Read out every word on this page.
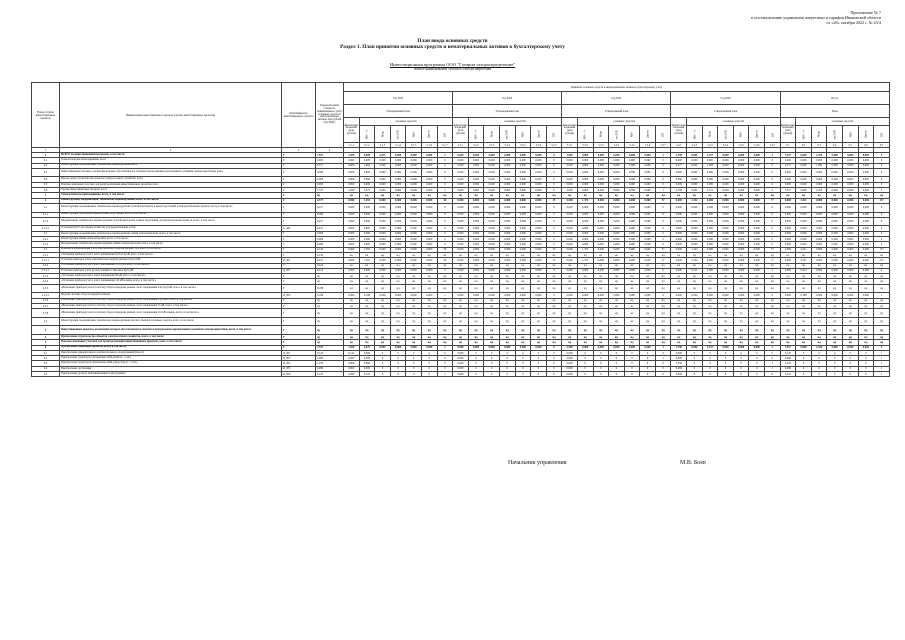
Приложение № 7
к постановлению управления энергетики и тарифов Ивановской области
от «28» октября 2022 г. № 43/4
План ввода основных средств
Раздел 1. План принятия основных средств и нематериальных активов к бухгалтерскому учету
Инвестиционная программа ООО "Газпром газораспределение"
полное наименование субъекта электроэнергетики
Номер группы инвестиционных проектов	Наименование инвестиционного проекта (группы инвестиционных проектов)	Идентификатор инвестиционного проекта	Первоначальная стоимость принимаемых к учету основных средств и нематериальных активов, млн рублей (без НДС)	Принятие основных средств и нематериальных активов к бухгалтерскому учету																																		
				Год 2023							Год 2024							Год 2025							Год 2026							Итого						
				Утвержденный план							Утвержденный план							Утвержденный план							Утвержденный план							План						
				финансовых вложений (млн рублей)	основные средства						финансовых вложений (млн рублей)	основные средства						финансовых вложений (млн рублей)	основные средства						финансовых вложений (млн рублей)	основные средства						финансовых вложений (млн рублей)	основные средства					
					МВ×А	Мвар	км ЛЭП	МВт	Другое	ШТ		МВ×А	Мвар	км ЛЭП	МВт	Другое	ШТ		МВ×А	Мвар	км ЛЭП	МВт	Другое	ШТ		МВ×А	Мвар	км ЛЭП	МВт	Другое	ШТ		МВ×А	Мвар	км ЛЭП	МВт	Другое	ШТ
				5.1.1	5.1.2	5.1.3	5.1.4	5.1.5	5.1.6	5.1.7	5.2.1	5.2.2	5.2.3	5.2.4	5.2.5	5.2.6	5.2.7	5.3.1	5.3.2	5.3.3	5.3.4	5.3.5	5.3.6	5.3.7	5.4.1	5.4.2	5.4.3	5.4.4	5.4.5	5.4.6	5.4.7	6.1	6.2	6.3	6.4	6.5	6.6	6.7
1	2	3	4																																			
0	ВСЕГО по инвестиционной программе, в том числе:	Г	7,557	1,859	0,000	2,475	0,000	0,000	0,000	2	0,000	0,000	0,000	0,000	0,000	0,000	0	2,900	0,000	0,000	0,000	0,000	0,000	1	2,798	0,000	2,157	0,000	0,000	0,000	2	7,557	0,000	2,476	0,000	0,000	0,000	5
0.1	Технологическое присоединение, всего	Г	0,000	0,000	0,000	0,000	0,000	0,000	0,000	0	0,000	0,000	0,000	0,000	0,000	0,000	0	0,000	0,000	0,000	0,000	0,000	0,000	0	0,000	0,000	0,000	0,000	0,000	0,000	0	0,000	0,000	0,000	0,000	0,000	0,000	0
0.2	Реконструкция, модернизация, техническое перевооружение всего	Г	0,577	0,000	1,084	0,000	0,000	0,000	0,000	0	0,000	0,000	0,000	0,000	0,000	0,000	0	0,000	0,000	0,000	0,000	0,000	0,000	0	0,577	0,000	1,084	0,000	0,000	0,000	0	0,577	0,000	1,084	0,000	0,000	0,000	0
0.3	Инвестиционные проекты, реализация которых обуславливается схемами и программами перспективного развития электроэнергетики, всего	Г	0,000	0,000	0,000	0,000	0,000	0,000	0,000	0	0,000	0,000	0,000	0,000	0,000	0,000	0	0,000	0,000	0,000	0,000	0,000	0,000	0	0,000	0,000	0,000	0,000	0,000	0,000	0	0,000	0,000	0,000	0,000	0,000	0,000	0
0.4	Прочее новое строительство объектов электросетевого хозяйства, всего	Г	0,000	0,000	0,000	0,000	0,000	0,000	0,000	0	0,000	0,000	0,000	0,000	0,000	0,000	0	0,000	0,000	0,000	0,000	0,000	0,000	0	0,000	0,000	0,000	0,000	0,000	0,000	0	0,000	0,000	0,000	0,000	0,000	0,000	0
0.5	Покупка земельных участков для целей реализации инвестиционных проектов, всего	Г	0,000	0,000	0,000	0,000	0,000	0,000	0,000	0	0,000	0,000	0,000	0,000	0,000	0,000	0	0,000	0,000	0,000	0,000	0,000	0,000	0	0,000	0,000	0,000	0,000	0,000	0,000	0	0,000	0,000	0,000	0,000	0,000	0,000	0
0.6	Прочие инвестиционные проекты, всего	Г	7,557	1,859	2,475	0,000	0,000	0,000	0,000	2	0,000	0,000	0,000	0,000	0,000	0,000	0	2,900	0,000	0,000	0,000	0,000	0,000	1	2,798	0,000	2,157	0,000	0,000	0,000	2	7,557	0,000	2,476	0,000	0,000	0,000	5
1	Технологическое присоединение, всего, в том числе:	Г	нд	нд	нд	нд	нд	нд	нд	нд	нд	нд	нд	нд	нд	нд	нд	нд	нд	нд	нд	нд	нд	нд	нд	нд	нд	нд	нд	нд	нд	нд	нд	нд	нд	нд	нд	нд
2	Реконструкция, модернизация, техническое перевооружение, всего, в том числе:	Г	4,577	0,000	1,393	0,000	0,000	0,000	0,000	36	0,000	0,000	0,000	0,000	0,000	0,000	35	0,000	1,374	0,000	0,000	0,000	0,000	57	0,000	1,342	0,000	0,000	0,000	0,000	77	0,000	4,341	0,000	0,000	0,000	0,000	137
2.1	Реконструкция, модернизация, техническое перевооружение трансформаторных и иных подстанций, распределительных пунктов, всего, в том числе:	Г	0,457	0,000	0,000	0,000	0,000	0,000	0,000	0	0,000	0,000	0,000	0,000	0,000	0,000	0	0,000	0,000	0,000	0,000	0,000	0,000	0	0,000	0,000	0,000	0,000	0,000	0,000	0	0,000	0,000	0,000	0,000	0,000	0,000	0
2.1.1	Реконструкция трансформаторных и иных подстанций, всего, в том числе:	Г	0,000	0,000	0,000	0,000	0,000	0,000	0,000	0	0,000	0,000	0,000	0,000	0,000	0,000	0	0,000	0,000	0,000	0,000	0,000	0,000	0	0,000	0,000	0,000	0,000	0,000	0,000	0	0,000	0,000	0,000	0,000	0,000	0,000	0
2.1.2	Модернизация, техническое перевооружение трансформаторных и иных подстанций, распределительных пунктов, всего, в том числе:	Г	0,457	0,000	0,000	0,000	0,000	0,000	0,000	0	0,000	0,000	0,000	0,000	0,000	0,000	0	0,000	0,000	0,000	0,000	0,000	0,000	0	0,000	0,000	0,000	0,000	0,000	0,000	0	0,000	0,000	0,000	0,000	0,000	0,000	0
2.1.2.1	Установка ПАЗ 5 на объекте хозяйства распределительных сетей	G_484	0,457	0,000	0,000	0,000	0,000	0,000	0,000	0	0,000	0,000	0,000	0,000	0,000	0,000	0	0,000	0,000	0,000	0,000	0,000	0,000	0	0,000	0,000	0,000	0,000	0,000	0,000	0	0,000	0,000	0,000	0,000	0,000	0,000	0
2.2	Реконструкция, модернизация, техническое перевооружение линий электропередачи, всего, в том числе:	Г	0,000	0,000	0,000	0,000	0,000	0,000	0,000	0	0,000	0,000	0,000	0,000	0,000	0,000	0	0,000	0,000	0,000	0,000	0,000	0,000	0	0,000	0,000	0,000	0,000	0,000	0,000	0	0,000	0,000	0,000	0,000	0,000	0,000	0
2.2.1	Реконструкция линий электропередачи, всего, в том числе:	Г	0,000	0,000	0,000	0,000	0,000	0,000	0,000	0	0,000	0,000	0,000	0,000	0,000	0,000	0	0,000	0,000	0,000	0,000	0,000	0,000	0	0,000	0,000	0,000	0,000	0,000	0,000	0	0,000	0,000	0,000	0,000	0,000	0,000	0
2.2.2	Модернизация, техническое перевооружение линий электропередачи, всего, в том числе:	Г	0,000	0,000	0,000	0,000	0,000	0,000	0,000	0	0,000	0,000	0,000	0,000	0,000	0,000	0	0,000	0,000	0,000	0,000	0,000	0,000	0	0,000	0,000	0,000	0,000	0,000	0,000	0	0,000	0,000	0,000	0,000	0,000	0,000	0
2.3	Развитие и модернизация учета электрической энергии (мощности), всего, в том числе:	Г	4,120	0,000	1,393	0,000	0,000	0,000	0,000	36	0,000	0,000	0,000	0,000	0,000	0,000	35	0,000	1,374	0,000	0,000	0,000	0,000	57	0,000	1,342	0,000	0,000	0,000	0,000	77	0,000	4,341	0,000	0,000	0,000	0,000	137
2.3.1	«Установка приборов учета, класс напряжения 0,22 (0,4) кВ, всего, в том числе:»	Г	4,120	нд	нд	нд	нд	нд	нд	нд	нд	нд	нд	нд	нд	нд	нд	нд	нд	нд	нд	нд	нд	нд	нд	нд	нд	нд	нд	нд	нд	нд	нд	нд	нд	нд	нд	нд
2.3.1.1	Установка приборов учета электрической энергии (мощности) 0,4 кВ	И_007	0,457	0,000	1,393	0,000	0,000	0,000	0,000	36	0,000	0,000	0,000	0,000	0,000	0,000	35	0,000	1,374	0,000	0,000	0,000	0,000	57	0,000	1,342	0,000	0,000	0,000	0,000	77	0,000	4,341	0,000	0,000	0,000	0,000	137
2.3.2	«Установка приборов учета, класс напряжения 6 (10) кВ, всего, в том числе:»	Г	0,414	нд	нд	нд	нд	нд	нд	нд	нд	нд	нд	нд	нд	нд	нд	нд	нд	нд	нд	нд	нд	нд	нд	нд	нд	нд	нд	нд	нд	нд	нд	нд	нд	нд	нд	нд
2.3.2.1	Установка приборов учета на подстанциях в Заволжье 6(10) кВ	Q_007	0,414	0,000	0,000	0,000	0,000	0,000	0,000	2	0,000	0,000	0,000	0,000	0,000	0,000	0	0,000	0,000	0,000	0,000	0,000	0,000	0	0,000	0,414	0,000	0,000	0,000	0,000	2	0,000	0,414	0,000	0,000	0,000	0,000	4
2.3.3	«Установка приборов учета, класс напряжения 35 кВ, всего, в том числе:»	Г	нд	нд	нд	нд	нд	нд	нд	нд	нд	нд	нд	нд	нд	нд	нд	нд	нд	нд	нд	нд	нд	нд	нд	нд	нд	нд	нд	нд	нд	нд	нд	нд	нд	нд	нд	нд
2.3.4	«Установка приборов учета, класс напряжения 110 кВ и выше, всего, в том числе:»	Г	нд	нд	нд	нд	нд	нд	нд	нд	нд	нд	нд	нд	нд	нд	нд	нд	нд	нд	нд	нд	нд	нд	нд	нд	нд	нд	нд	нд	нд	нд	нд	нд	нд	нд	нд	нд
2.3.5	«Включение приборов учета в систему сбора и передачи данных, класс напряжения 0,22 (0,4) кВ, всего, в том числе:»	Г	0,188	нд	нд	нд	нд	нд	нд	нд	нд	нд	нд	нд	нд	нд	нд	нд	нд	нд	нд	нд	нд	нд	нд	нд	нд	нд	нд	нд	нд	нд	нд	нд	нд	нд	нд	нд
2.3.5.1	Модули системы сбора и передачи данных	И_003	0,188	0,000	0,188	0,000	0,000	0,000	0,000	1	0,000	0,000	0,000	0,000	0,000	0,000	0	0,000	0,000	0,000	0,000	0,000	0,000	0	0,000	0,000	0,000	0,000	0,000	0,000	0	0,000	0,188	0,000	0,000	0,000	0,000	1
2.3.6	«Включение приборов учета в систему сбора и передачи данных, класс напряжения 6 (10) кВ, всего, в том числе:»	Г	нд	нд	нд	нд	нд	нд	нд	нд	нд	нд	нд	нд	нд	нд	нд	нд	нд	нд	нд	нд	нд	нд	нд	нд	нд	нд	нд	нд	нд	нд	нд	нд	нд	нд	нд	нд
2.3.7	«Включение приборов учета в систему сбора и передачи данных, класс напряжения 35 кВ, всего, в том числе:»	Г	нд	нд	нд	нд	нд	нд	нд	нд	нд	нд	нд	нд	нд	нд	нд	нд	нд	нд	нд	нд	нд	нд	нд	нд	нд	нд	нд	нд	нд	нд	нд	нд	нд	нд	нд	нд
2.3.8	«Включение приборов учета в систему сбора и передачи данных, класс напряжения 110 кВ и выше, всего, в том числе:»	Г	нд	нд	нд	нд	нд	нд	нд	нд	нд	нд	нд	нд	нд	нд	нд	нд	нд	нд	нд	нд	нд	нд	нд	нд	нд	нд	нд	нд	нд	нд	нд	нд	нд	нд	нд	нд
2.4	Реконструкция, модернизация, техническое перевооружение прочих объектов основных средств, всего, в том числе:	Г	нд	нд	нд	нд	нд	нд	нд	нд	нд	нд	нд	нд	нд	нд	нд	нд	нд	нд	нд	нд	нд	нд	нд	нд	нд	нд	нд	нд	нд	нд	нд	нд	нд	нд	нд	нд
3	Инвестиционные проекты, реализация которых обуславливается схемами и программами перспективного развития электроэнергетики, всего, в том числе:	Г	нд	нд	нд	нд	нд	нд	нд	нд	нд	нд	нд	нд	нд	нд	нд	нд	нд	нд	нд	нд	нд	нд	нд	нд	нд	нд	нд	нд	нд	нд	нд	нд	нд	нд	нд	нд
4	Прочее новое строительство объектов электросетевого хозяйства, всего, в том числе:	Г	нд	нд	нд	нд	нд	нд	нд	нд	нд	нд	нд	нд	нд	нд	нд	нд	нд	нд	нд	нд	нд	нд	нд	нд	нд	нд	нд	нд	нд	нд	нд	нд	нд	нд	нд	нд
5	Покупка земельных участков для целей реализации инвестиционных проектов, всего, в том числе:	Г	нд	нд	нд	нд	нд	нд	нд	нд	нд	нд	нд	нд	нд	нд	нд	нд	нд	нд	нд	нд	нд	нд	нд	нд	нд	нд	нд	нд	нд	нд	нд	нд	нд	нд	нд	нд
6	Прочие инвестиционные проекты, всего, в том числе:	Г	7,557	1,859	2,475	0,000	0,000	0,000	0,000	2	0,000	0,000	0,000	0,000	0,000	0,000	0	2,900	0,000	0,000	0,000	0,000	0,000	1	2,798	0,000	2,157	0,000	0,000	0,000	2	7,557	0,000	2,476	0,000	0,000	0,000	5
6.1	Приобретение измерительного и испытательного оборудования (Блок 4)	И_001	0,145	0,145	0,000	0	0	0	0	0	0,000	0	0	0	0	0	0	0,000	0	0	0	0	0	0	0,000	0	0	0	0	0	0	0,145	0	0	0	0	0	1
6.2	Приобретение транспорта (Автомобиль ОБА (Тойота - 1 шт.)	И_003	2,900	0,000	0,000	0	0	0	0	0	0,000	0	0	0	0	0	0	2,900	0	0	0	0	0	1	0,000	0	0	0	0	0	0	2,900	0	0	0	0	0	1
6.3	Приобретение транспорта (Автомобиль ОБА (Лада Ларгус - 1 шт.)	И_004	1,259	0,000	0,000	0	0	0	0	0	0,000	0	0	0	0	0	0	0,000	0	0	0	0	0	0	1,259	0	0	0	0	0	1	1,259	0	0	0	0	0	1
6.4	Приобретение оргтехники	И_005	0,489	0,000	0,000	0	0	0	0	0	0,000	0	0	0	0	0	0	0,000	0	0	0	0	0	0	0,489	0	0	0	0	0	1	0,489	0	0	0	0	0	1
6.5	Приобретение ручного механизированного инструмента	И_006	0,125	0,000	0,125	0	0	0	0	1	0,000	0	0	0	0	0	0	0,000	0	0	0	0	0	0	0,000	0	0	0	0	0	0	0,125	0	0	0	0	0	1
Начальник управления	М.В. Боев
